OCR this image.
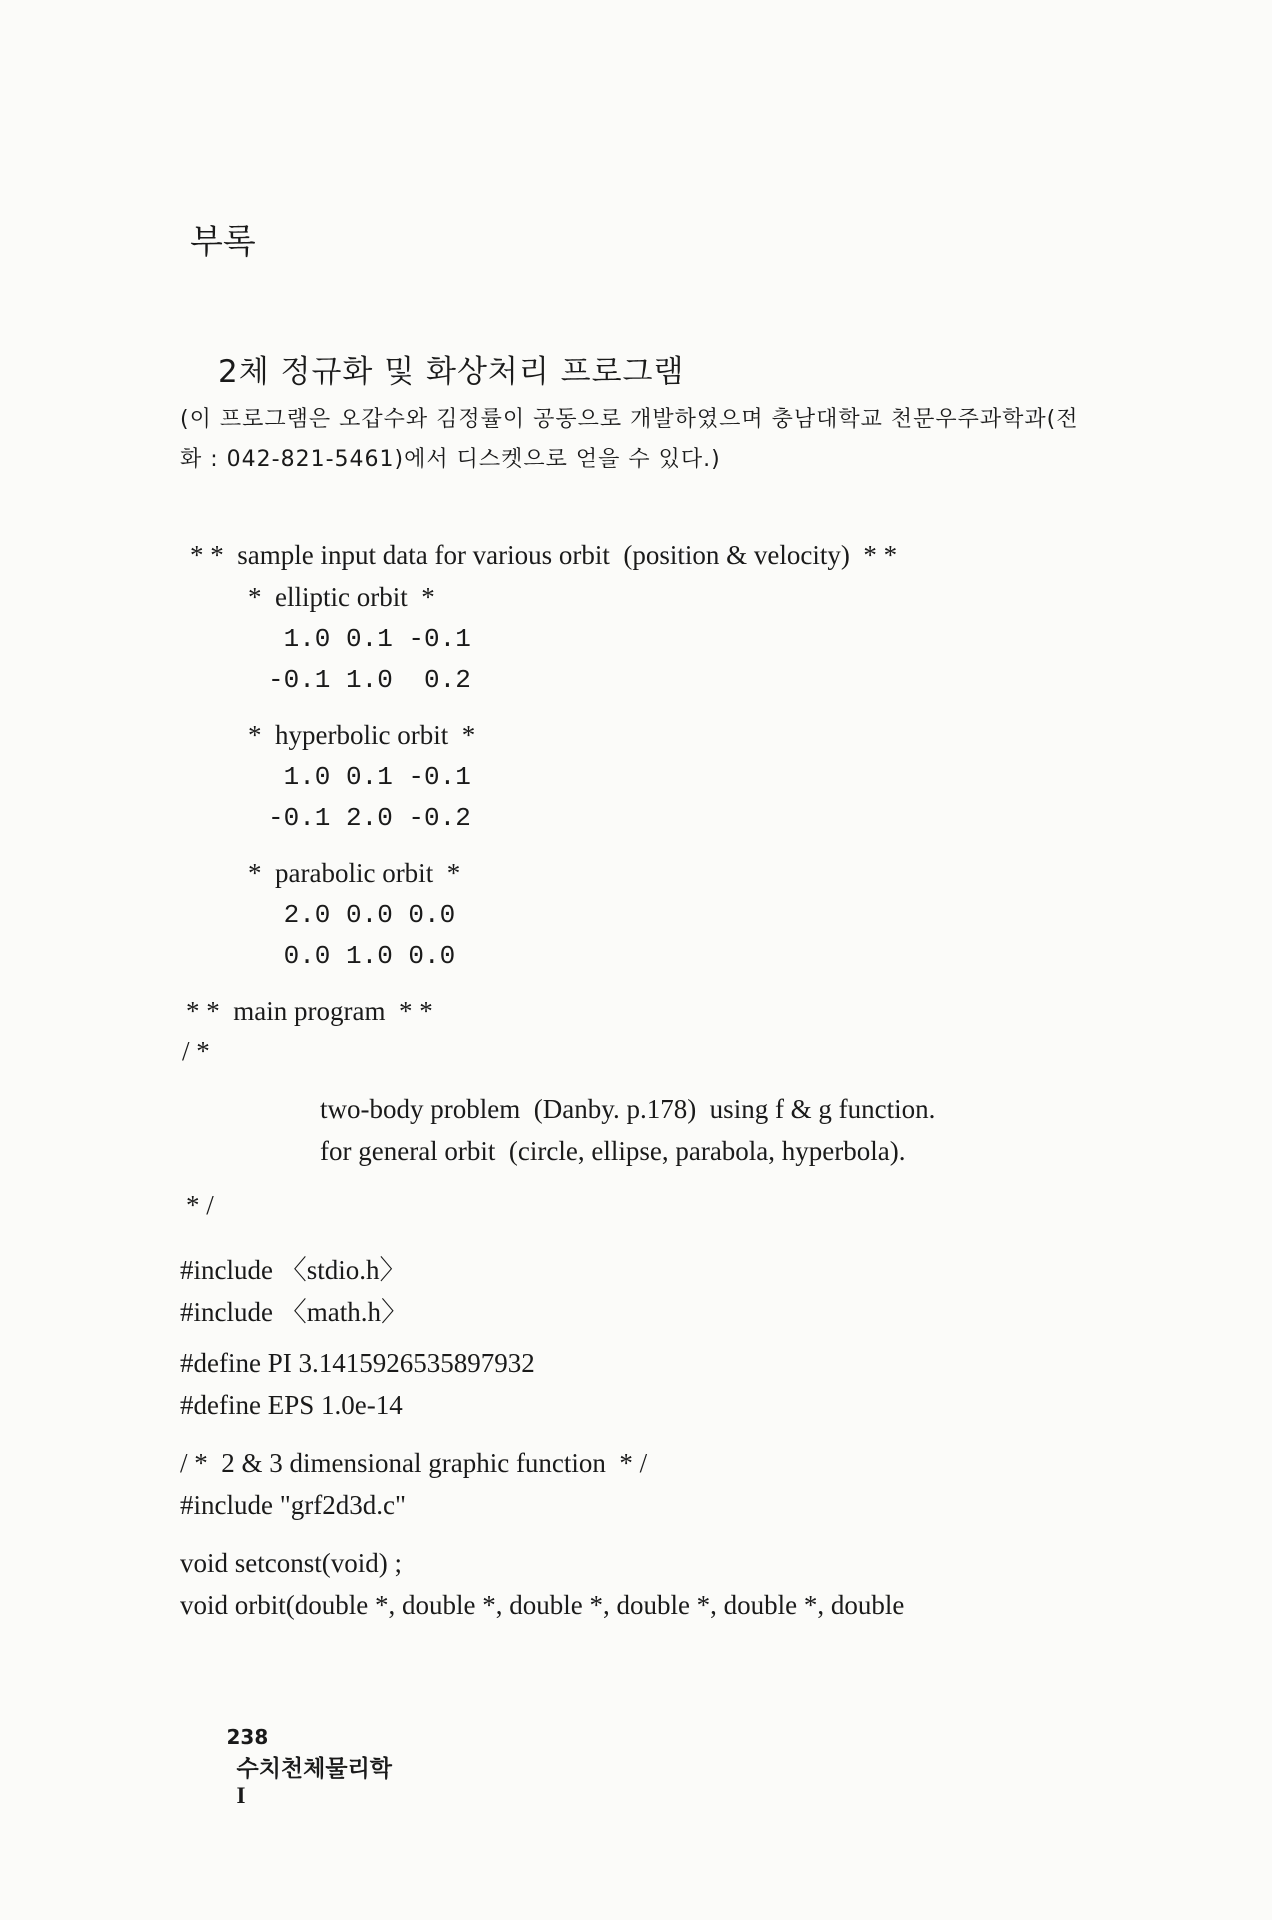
부록
2체 정규화 및 화상처리 프로그램
(이 프로그램은 오갑수와 김정률이 공동으로 개발하였으며 충남대학교 천문우주과학과(전
화 : 042-821-5461)에서 디스켓으로 얻을 수 있다.)
* *  sample input data for various orbit  (position & velocity)  * *
*  elliptic orbit  *
1.0 0.1 -0.1
-0.1 1.0  0.2
*  hyperbolic orbit  *
1.0 0.1 -0.1
-0.1 2.0 -0.2
*  parabolic orbit  *
2.0 0.0 0.0
0.0 1.0 0.0
* *  main program  * *
/ *
two-body problem  (Danby. p.178)  using f & g function.
for general orbit  (circle, ellipse, parabola, hyperbola).
* /
#include 〈stdio.h〉
#include 〈math.h〉
#define PI 3.1415926535897932
#define EPS 1.0e-14
/ *  2 & 3 dimensional graphic function  * /
#include "grf2d3d.c"
void setconst(void) ;
void orbit(double *, double *, double *, double *, double *, double

238
수치천체물리학
I
